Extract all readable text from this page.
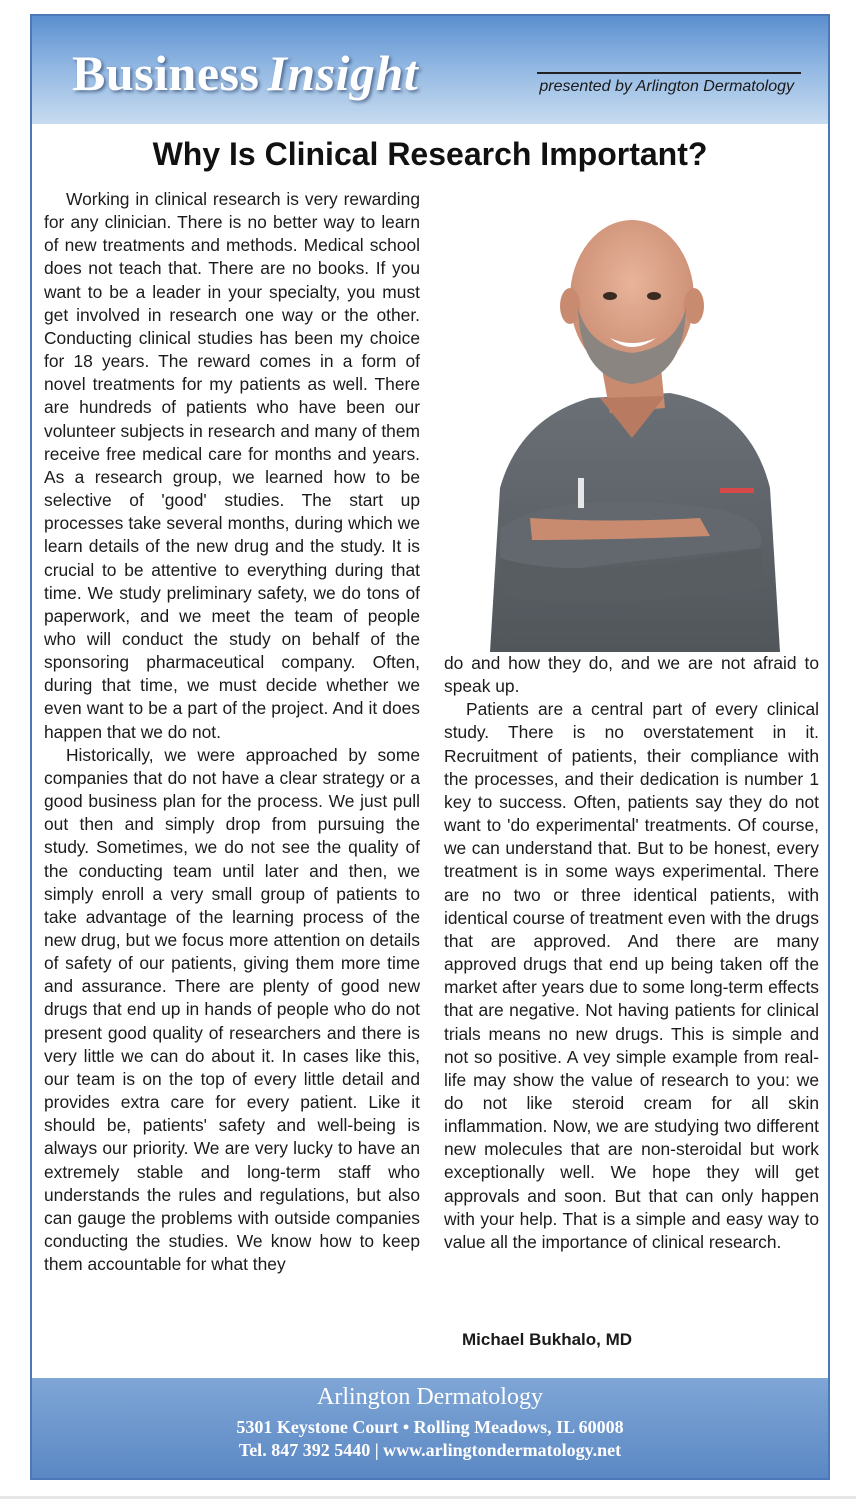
Business Insight	presented by Arlington Dermatology
Why Is Clinical Research Important?

Working in clinical research is very rewarding for any clinician. There is no better way to learn of new treatments and methods. Medical school does not teach that. There are no books. If you want to be a leader in your specialty, you must get involved in research one way or the other. Conducting clinical studies has been my choice for 18 years. The reward comes in a form of novel treatments for my patients as well. There are hundreds of patients who have been our volunteer subjects in research and many of them receive free medical care for months and years. As a research group, we learned how to be selective of 'good' studies. The start up processes take several months, during which we learn details of the new drug and the study. It is crucial to be attentive to everything during that time. We study preliminary safety, we do tons of paperwork, and we meet the team of people who will conduct the study on behalf of the sponsoring pharmaceutical company. Often, during that time, we must decide whether we even want to be a part of the project. And it does happen that we do not.

Historically, we were approached by some companies that do not have a clear strategy or a good business plan for the process. We just pull out then and simply drop from pursuing the study. Sometimes, we do not see the quality of the conducting team until later and then, we simply enroll a very small group of patients to take advantage of the learning process of the new drug, but we focus more attention on details of safety of our patients, giving them more time and assurance. There are plenty of good new drugs that end up in hands of people who do not present good quality of researchers and there is very little we can do about it. In cases like this, our team is on the top of every little detail and provides extra care for every patient. Like it should be, patients' safety and well-being is always our priority. We are very lucky to have an extremely stable and long-term staff who understands the rules and regulations, but also can gauge the problems with outside companies conducting the studies. We know how to keep them accountable for what they

do and how they do, and we are not afraid to speak up.

Patients are a central part of every clinical study. There is no overstatement in it. Recruitment of patients, their compliance with the processes, and their dedication is number 1 key to success. Often, patients say they do not want to 'do experimental' treatments. Of course, we can understand that. But to be honest, every treatment is in some ways experimental. There are no two or three identical patients, with identical course of treatment even with the drugs that are approved. And there are many approved drugs that end up being taken off the market after years due to some long-term effects that are negative. Not having patients for clinical trials means no new drugs. This is simple and not so positive. A vey simple example from real-life may show the value of research to you: we do not like steroid cream for all skin inflammation. Now, we are studying two different new molecules that are non-steroidal but work exceptionally well. We hope they will get approvals and soon. But that can only happen with your help. That is a simple and easy way to value all the importance of clinical research.

Michael Bukhalo, MD
Arlington Dermatology
5301 Keystone Court • Rolling Meadows, IL 60008
Tel. 847 392 5440 | www.arlingtondermatology.net
